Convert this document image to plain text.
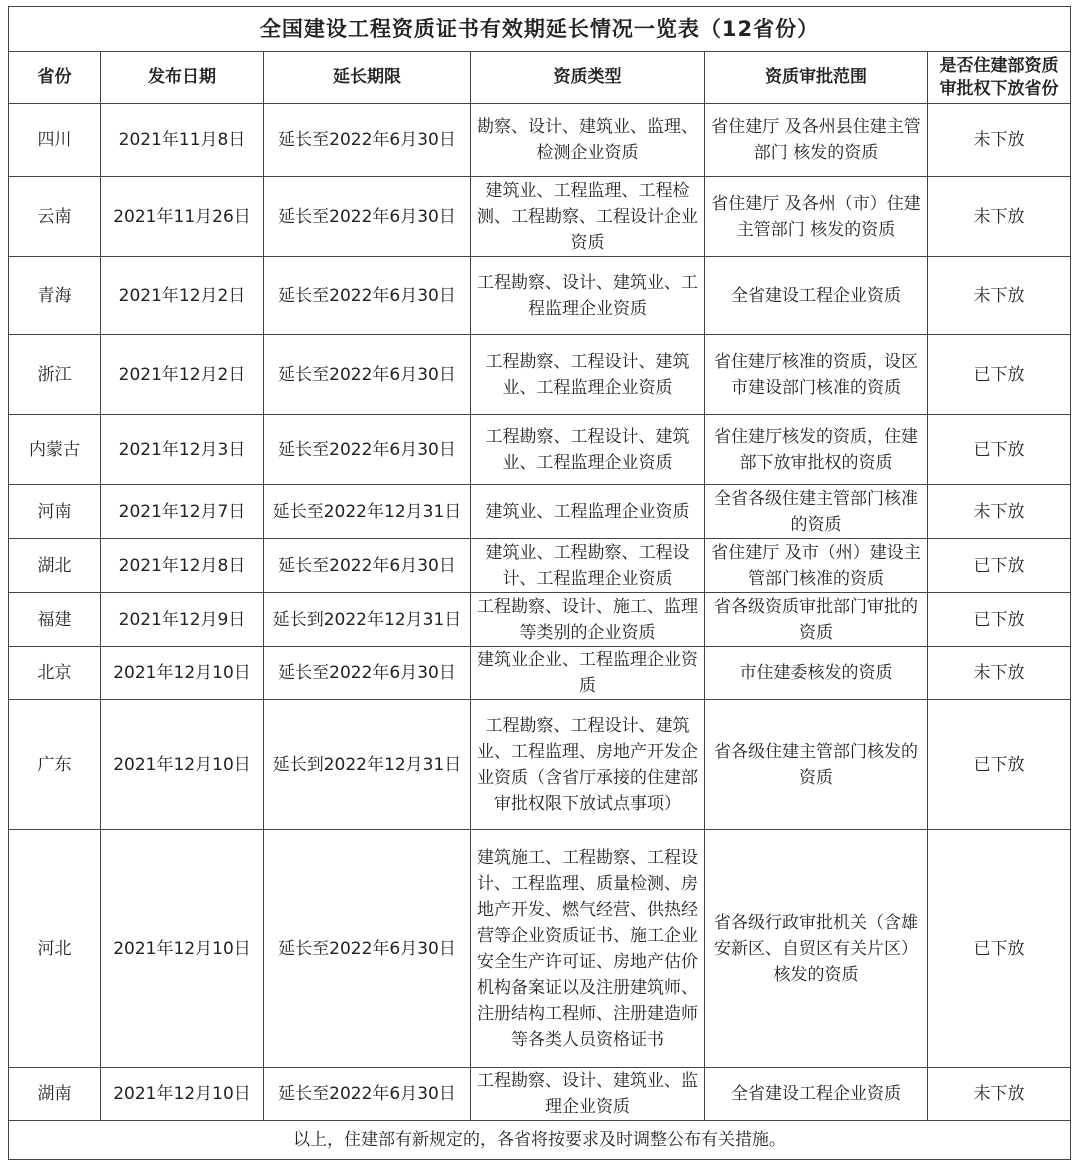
全国建设工程资质证书有效期延长情况一览表（12省份）					
省份	发布日期	延长期限	资质类型	资质审批范围	是否住建部资质审批权下放省份
四川	2021年11月8日	延长至2022年6月30日	勘察、设计、建筑业、监理、检测企业资质	省住建厅 及各州县住建主管部门 核发的资质	未下放
云南	2021年11月26日	延长至2022年6月30日	建筑业、工程监理、工程检测、工程勘察、工程设计企业资质	省住建厅 及各州（市）住建主管部门 核发的资质	未下放
青海	2021年12月2日	延长至2022年6月30日	工程勘察、设计、建筑业、工程监理企业资质	全省建设工程企业资质	未下放
浙江	2021年12月2日	延长至2022年6月30日	工程勘察、工程设计、建筑业、工程监理企业资质	省住建厅核准的资质，设区市建设部门核准的资质	已下放
内蒙古	2021年12月3日	延长至2022年6月30日	工程勘察、工程设计、建筑业、工程监理企业资质	省住建厅核发的资质，住建部下放审批权的资质	已下放
河南	2021年12月7日	延长至2022年12月31日	建筑业、工程监理企业资质	全省各级住建主管部门核准的资质	未下放
湖北	2021年12月8日	延长至2022年6月30日	建筑业、工程勘察、工程设计、工程监理企业资质	省住建厅 及市（州）建设主管部门核准的资质	已下放
福建	2021年12月9日	延长到2022年12月31日	工程勘察、设计、施工、监理等类别的企业资质	省各级资质审批部门审批的资质	已下放
北京	2021年12月10日	延长至2022年6月30日	建筑业企业、工程监理企业资质	市住建委核发的资质	未下放
广东	2021年12月10日	延长到2022年12月31日	工程勘察、工程设计、建筑业、工程监理、房地产开发企业资质（含省厅承接的住建部审批权限下放试点事项）	省各级住建主管部门核发的资质	已下放
河北	2021年12月10日	延长至2022年6月30日	建筑施工、工程勘察、工程设计、工程监理、质量检测、房地产开发、燃气经营、供热经营等企业资质证书、施工企业安全生产许可证、房地产估价机构备案证以及注册建筑师、注册结构工程师、注册建造师等各类人员资格证书	省各级行政审批机关（含雄安新区、自贸区有关片区）核发的资质	已下放
湖南	2021年12月10日	延长至2022年6月30日	工程勘察、设计、建筑业、监理企业资质	全省建设工程企业资质	未下放
以上，住建部有新规定的，各省将按要求及时调整公布有关措施。					
